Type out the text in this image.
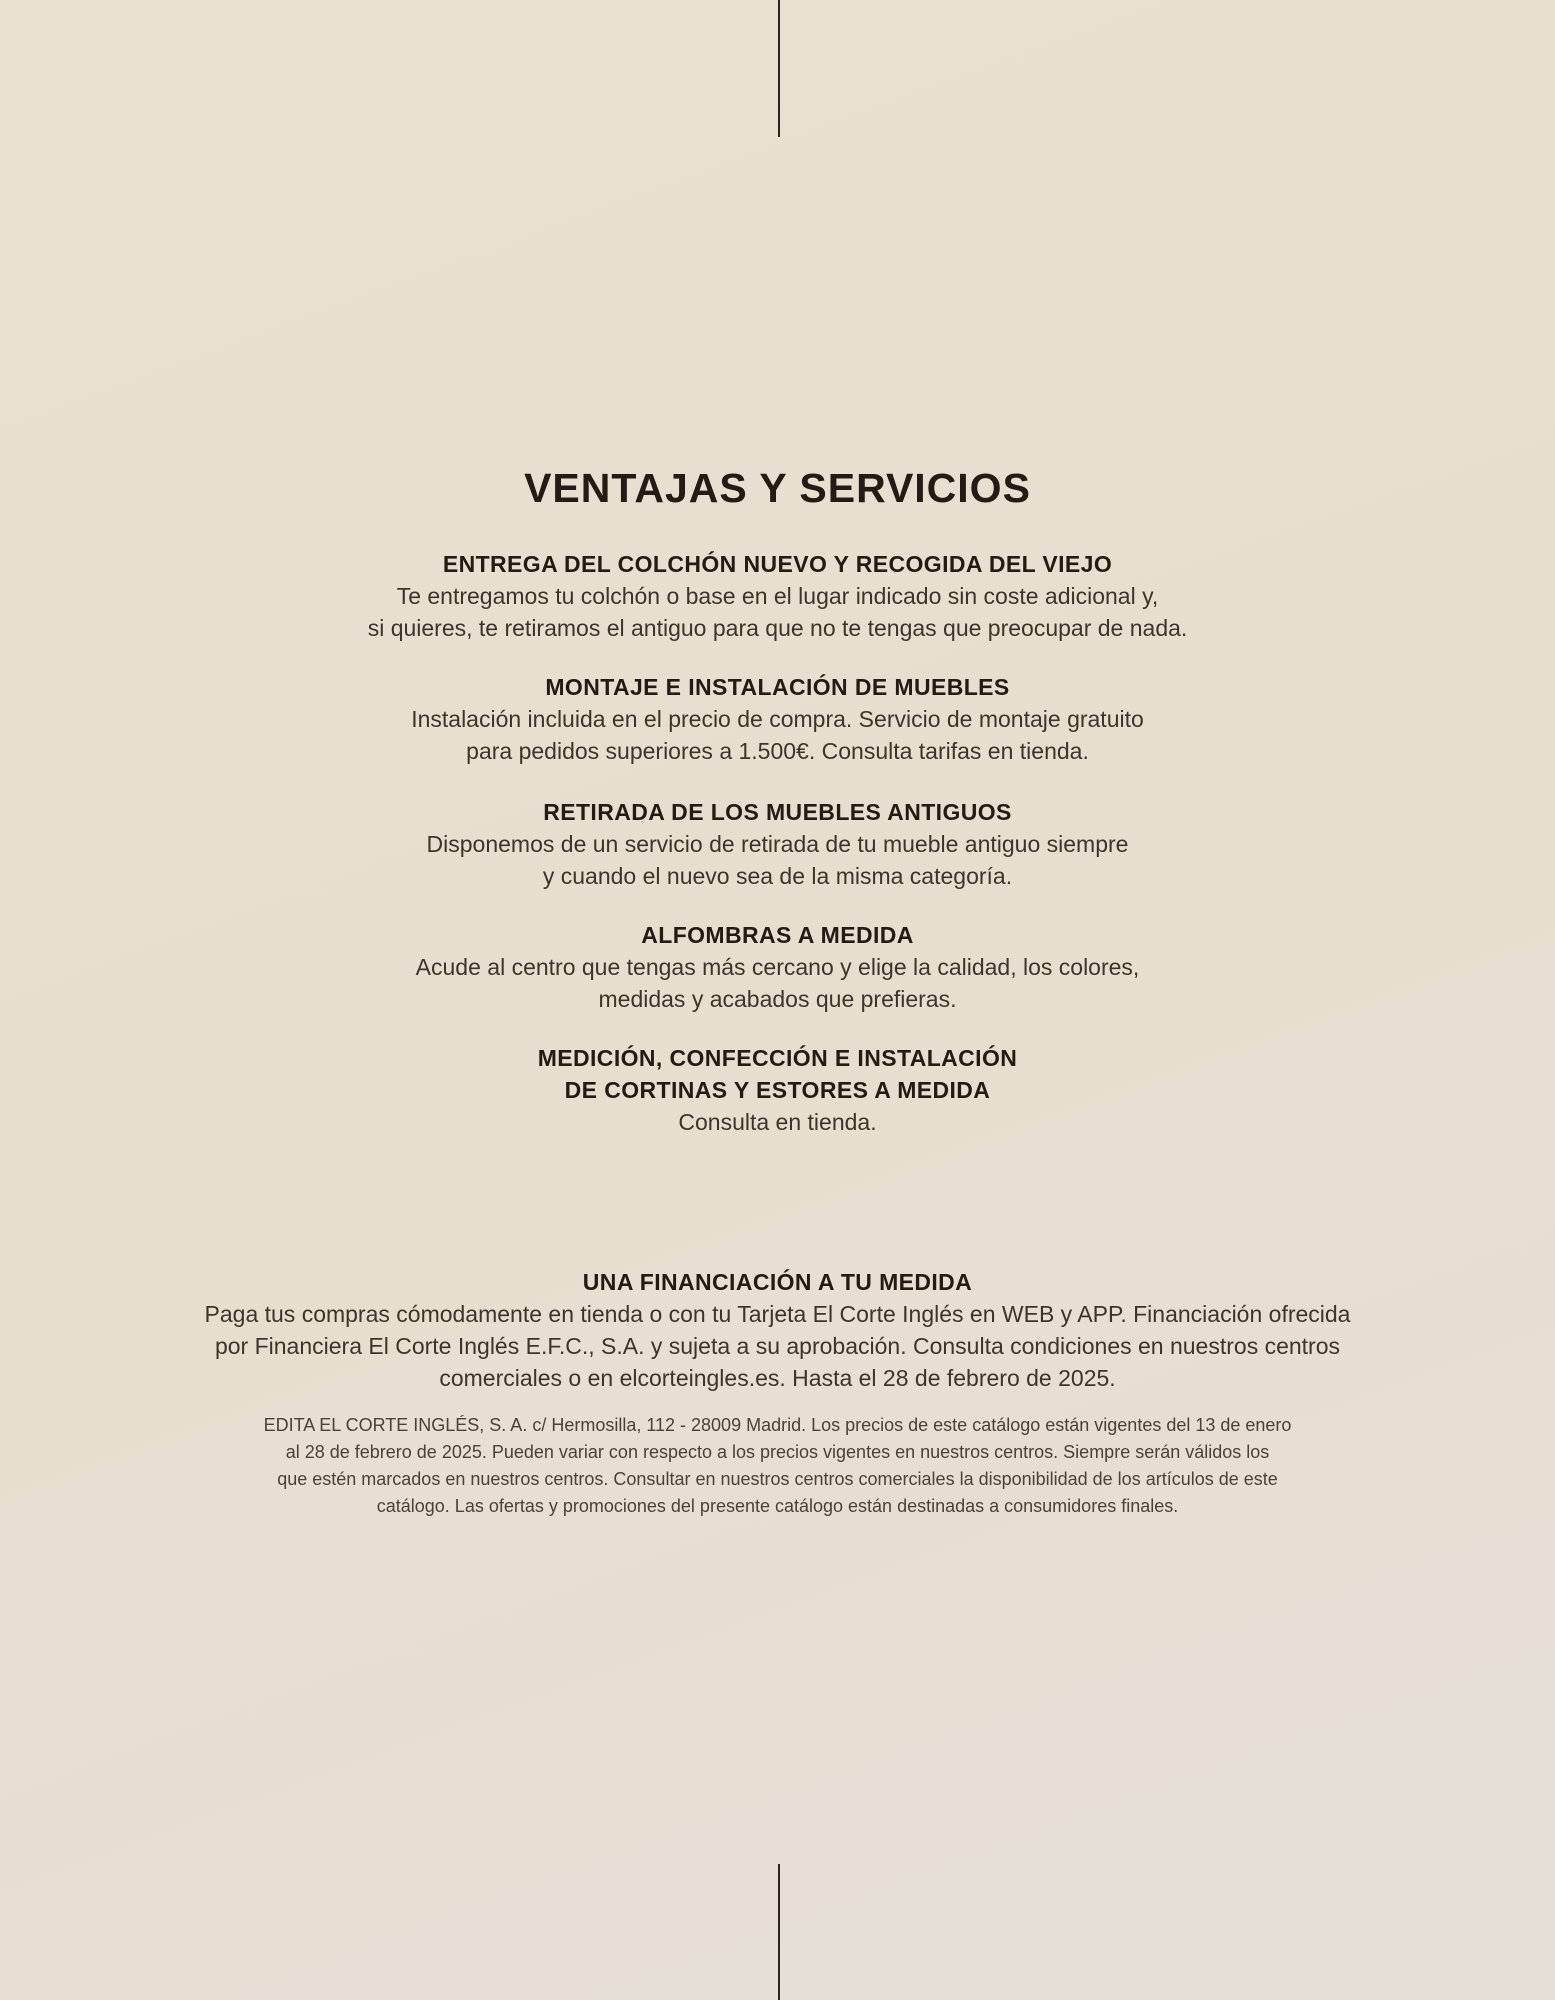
VENTAJAS Y SERVICIOS
ENTREGA DEL COLCHÓN NUEVO Y RECOGIDA DEL VIEJO

Te entregamos tu colchón o base en el lugar indicado sin coste adicional y,
si quieres, te retiramos el antiguo para que no te tengas que preocupar de nada.

MONTAJE E INSTALACIÓN DE MUEBLES

Instalación incluida en el precio de compra. Servicio de montaje gratuito
para pedidos superiores a 1.500€. Consulta tarifas en tienda.

RETIRADA DE LOS MUEBLES ANTIGUOS

Disponemos de un servicio de retirada de tu mueble antiguo siempre
y cuando el nuevo sea de la misma categoría.

ALFOMBRAS A MEDIDA

Acude al centro que tengas más cercano y elige la calidad, los colores,
medidas y acabados que prefieras.

MEDICIÓN, CONFECCIÓN E INSTALACIÓN
DE CORTINAS Y ESTORES A MEDIDA

Consulta en tienda.

UNA FINANCIACIÓN A TU MEDIDA

Paga tus compras cómodamente en tienda o con tu Tarjeta El Corte Inglés en WEB y APP. Financiación ofrecida
por Financiera El Corte Inglés E.F.C., S.A. y sujeta a su aprobación. Consulta condiciones en nuestros centros
comerciales o en elcorteingles.es. Hasta el 28 de febrero de 2025.

EDITA EL CORTE INGLÉS, S. A. c/ Hermosilla, 112 - 28009 Madrid. Los precios de este catálogo están vigentes del 13 de enero
al 28 de febrero de 2025. Pueden variar con respecto a los precios vigentes en nuestros centros. Siempre serán válidos los
que estén marcados en nuestros centros. Consultar en nuestros centros comerciales la disponibilidad de los artículos de este
catálogo. Las ofertas y promociones del presente catálogo están destinadas a consumidores finales.
